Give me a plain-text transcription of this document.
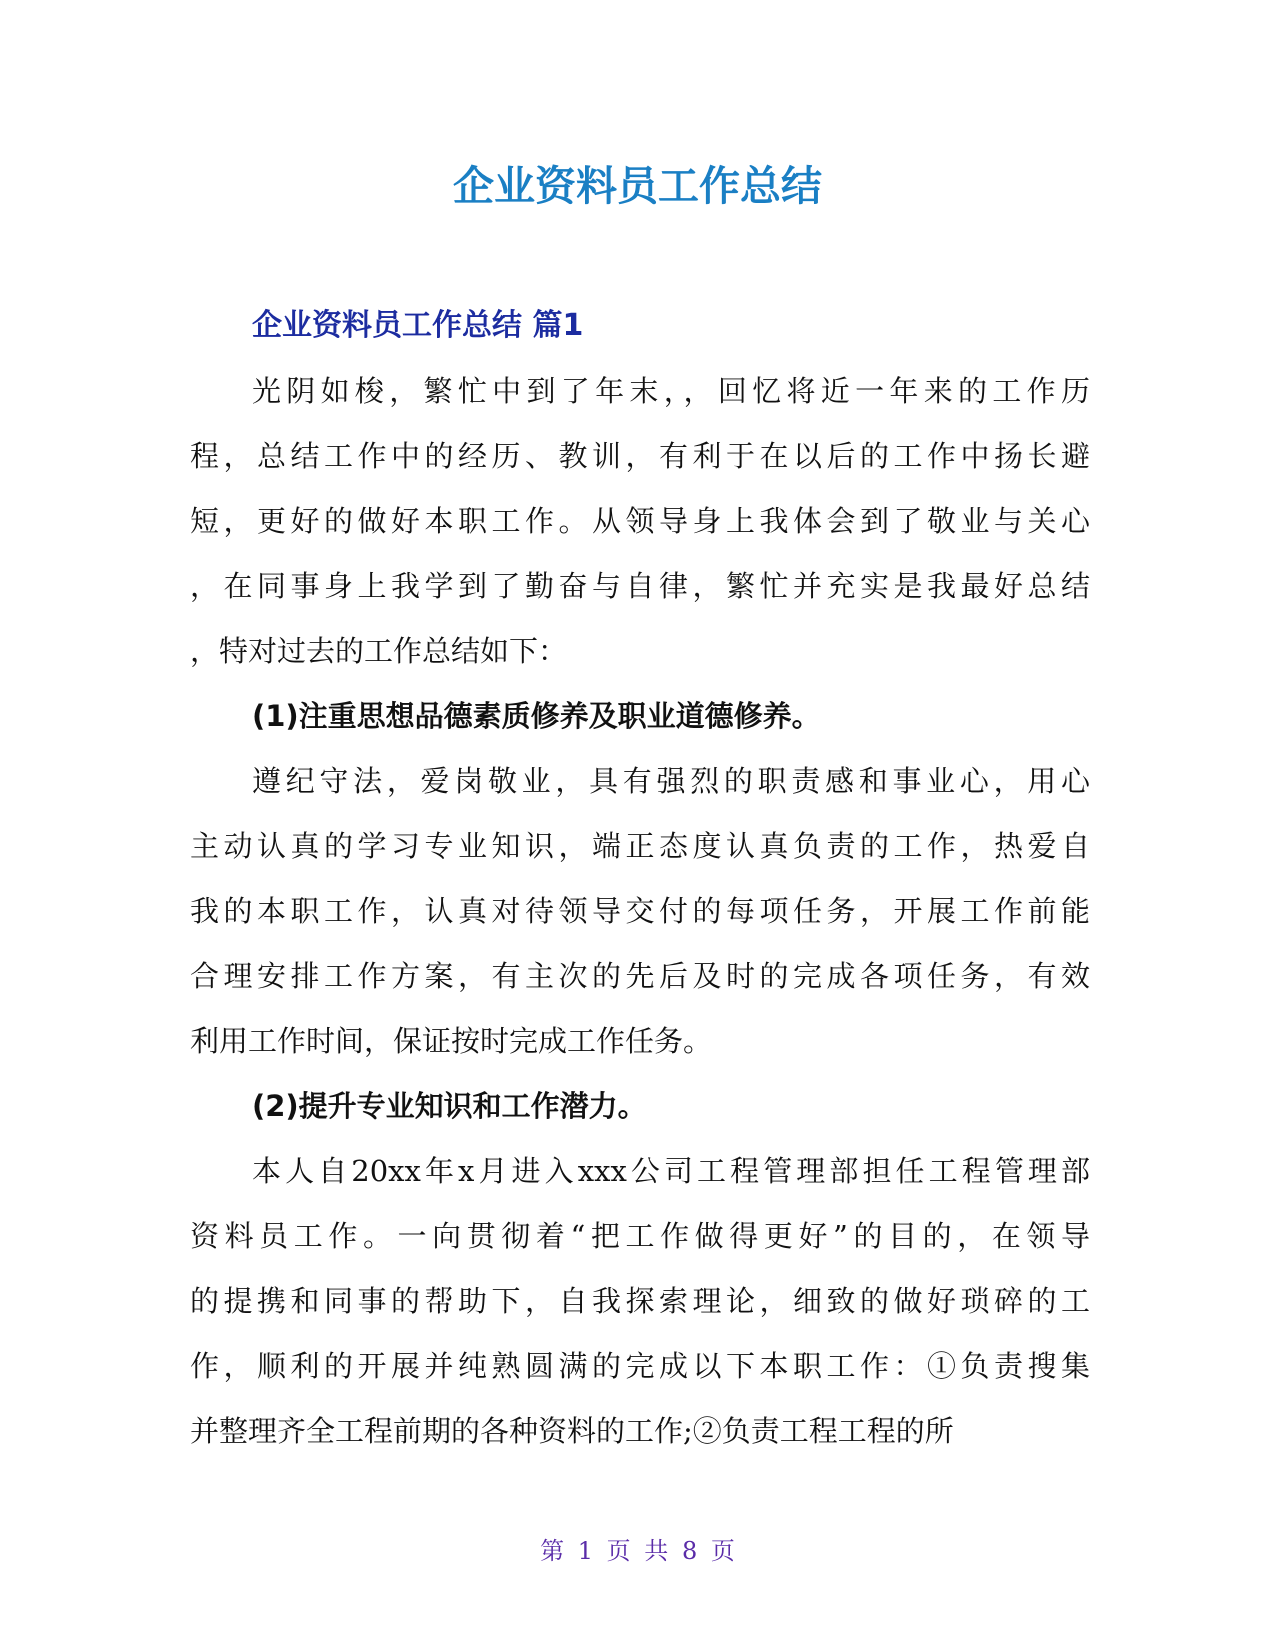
企业资料员工作总结
企业资料员工作总结 篇1
光阴如梭，繁忙中到了年末，，回忆将近一年来的工作历
程，总结工作中的经历、教训，有利于在以后的工作中扬长避
短，更好的做好本职工作。从领导身上我体会到了敬业与关心
，在同事身上我学到了勤奋与自律，繁忙并充实是我最好总结
，特对过去的工作总结如下：
(1)注重思想品德素质修养及职业道德修养。
遵纪守法，爱岗敬业，具有强烈的职责感和事业心，用心
主动认真的学习专业知识，端正态度认真负责的工作，热爱自
我的本职工作，认真对待领导交付的每项任务，开展工作前能
合理安排工作方案，有主次的先后及时的完成各项任务，有效
利用工作时间，保证按时完成工作任务。
(2)提升专业知识和工作潜力。
本人自20xx年x月进入xxx公司工程管理部担任工程管理部
资料员工作。一向贯彻着“把工作做得更好”的目的，在领导
的提携和同事的帮助下，自我探索理论，细致的做好琐碎的工
作，顺利的开展并纯熟圆满的完成以下本职工作：①负责搜集
并整理齐全工程前期的各种资料的工作;②负责工程工程的所

第 1 页 共 8 页
